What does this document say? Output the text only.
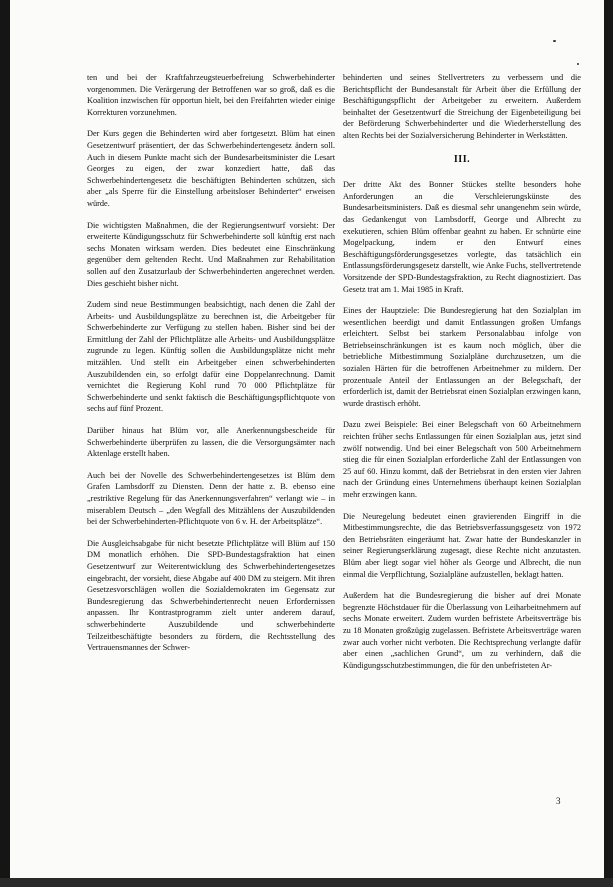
ten und bei der Kraftfahrzeugsteuerbefreiung Schwerbehinderter vorgenommen. Die Verärgerung der Betroffenen war so groß, daß es die Koalition inzwischen für opportun hielt, bei den Freifahrten wieder einige Korrekturen vorzunehmen.

Der Kurs gegen die Behinderten wird aber fortgesetzt. Blüm hat einen Gesetzentwurf präsentiert, der das Schwerbehindertengesetz ändern soll. Auch in diesem Punkte macht sich der Bundesarbeitsminister die Lesart Georges zu eigen, der zwar konzediert hatte, daß das Schwerbehindertengesetz die beschäftigten Behinderten schützen, sich aber „als Sperre für die Einstellung arbeitsloser Behinderter“ erweisen würde.

Die wichtigsten Maßnahmen, die der Regierungsentwurf vorsieht: Der erweiterte Kündigungsschutz für Schwerbehinderte soll künftig erst nach sechs Monaten wirksam werden. Dies bedeutet eine Einschränkung gegenüber dem geltenden Recht. Und Maßnahmen zur Rehabilitation sollen auf den Zusatzurlaub der Schwerbehinderten angerechnet werden. Dies geschieht bisher nicht.

Zudem sind neue Bestimmungen beabsichtigt, nach denen die Zahl der Arbeits- und Ausbildungsplätze zu berechnen ist, die Arbeitgeber für Schwerbehinderte zur Verfügung zu stellen haben. Bisher sind bei der Ermittlung der Zahl der Pflichtplätze alle Arbeits- und Ausbildungsplätze zugrunde zu legen. Künftig sollen die Ausbildungsplätze nicht mehr mitzählen. Und stellt ein Arbeitgeber einen schwerbehinderten Auszubildenden ein, so erfolgt dafür eine Doppelanrechnung. Damit vernichtet die Regierung Kohl rund 70 000 Pflichtplätze für Schwerbehinderte und senkt faktisch die Beschäftigungspflichtquote von sechs auf fünf Prozent.

Darüber hinaus hat Blüm vor, alle Anerkennungsbescheide für Schwerbehinderte überprüfen zu lassen, die die Versorgungsämter nach Aktenlage erstellt haben.

Auch bei der Novelle des Schwerbehindertengesetzes ist Blüm dem Grafen Lambsdorff zu Diensten. Denn der hatte z. B. ebenso eine „restriktive Regelung für das Anerkennungsverfahren“ verlangt wie – in miserablem Deutsch – „den Wegfall des Mitzählens der Auszubildenden bei der Schwerbehinderten-Pflichtquote von 6 v. H. der Arbeitsplätze“.

Die Ausgleichsabgabe für nicht besetzte Pflichtplätze will Blüm auf 150 DM monatlich erhöhen. Die SPD-Bundestagsfraktion hat einen Gesetzentwurf zur Weiterentwicklung des Schwerbehindertengesetzes eingebracht, der vorsieht, diese Abgabe auf 400 DM zu steigern. Mit ihren Gesetzesvorschlägen wollen die Sozialdemokraten im Gegensatz zur Bundesregierung das Schwerbehindertenrecht neuen Erfordernissen anpassen. Ihr Kontrastprogramm zielt unter anderem darauf, schwerbehinderte Auszubildende und schwerbehinderte Teilzeitbeschäftigte besonders zu fördern, die Rechtsstellung des Vertrauensmannes der Schwer-

behinderten und seines Stellvertreters zu verbessern und die Berichtspflicht der Bundesanstalt für Arbeit über die Erfüllung der Beschäftigungspflicht der Arbeitgeber zu erweitern. Außerdem beinhaltet der Gesetzentwurf die Streichung der Eigenbeteiligung bei der Beförderung Schwerbehinderter und die Wiederherstellung des alten Rechts bei der Sozialversicherung Behinderter in Werkstätten.

III.

Der dritte Akt des Bonner Stückes stellte besonders hohe Anforderungen an die Verschleierungskünste des Bundesarbeitsministers. Daß es diesmal sehr unangenehm sein würde, das Gedankengut von Lambsdorff, George und Albrecht zu exekutieren, schien Blüm offenbar geahnt zu haben. Er schnürte eine Mogelpackung, indem er den Entwurf eines Beschäftigungsförderungsgesetzes vorlegte, das tatsächlich ein Entlassungsförderungsgesetz darstellt, wie Anke Fuchs, stellvertretende Vorsitzende der SPD-Bundestagsfraktion, zu Recht diagnostiziert. Das Gesetz trat am 1. Mai 1985 in Kraft.

Eines der Hauptziele: Die Bundesregierung hat den Sozialplan im wesentlichen beerdigt und damit Entlassungen großen Umfangs erleichtert. Selbst bei starkem Personalabbau infolge von Betriebseinschränkungen ist es kaum noch möglich, über die betriebliche Mitbestimmung Sozialpläne durchzusetzen, um die sozialen Härten für die betroffenen Arbeitnehmer zu mildern. Der prozentuale Anteil der Entlassungen an der Belegschaft, der erforderlich ist, damit der Betriebsrat einen Sozialplan erzwingen kann, wurde drastisch erhöht.

Dazu zwei Beispiele: Bei einer Belegschaft von 60 Arbeitnehmern reichten früher sechs Entlassungen für einen Sozialplan aus, jetzt sind zwölf notwendig. Und bei einer Belegschaft von 500 Arbeitnehmern stieg die für einen Sozialplan erforderliche Zahl der Entlassungen von 25 auf 60. Hinzu kommt, daß der Betriebsrat in den ersten vier Jahren nach der Gründung eines Unternehmens überhaupt keinen Sozialplan mehr erzwingen kann.

Die Neuregelung bedeutet einen gravierenden Eingriff in die Mitbestimmungsrechte, die das Betriebsverfassungsgesetz von 1972 den Betriebsräten eingeräumt hat. Zwar hatte der Bundeskanzler in seiner Regierungserklärung zugesagt, diese Rechte nicht anzutasten. Blüm aber liegt sogar viel höher als George und Albrecht, die nun einmal die Verpflichtung, Sozialpläne aufzustellen, beklagt hatten.

Außerdem hat die Bundesregierung die bisher auf drei Monate begrenzte Höchstdauer für die Überlassung von Leiharbeitnehmern auf sechs Monate erweitert. Zudem wurden befristete Arbeitsverträge bis zu 18 Monaten großzügig zugelassen. Befristete Arbeitsverträge waren zwar auch vorher nicht verboten. Die Rechtsprechung verlangte dafür aber einen „sachlichen Grund“, um zu verhindern, daß die Kündigungsschutzbestimmungen, die für den unbefristeten Ar-

3
